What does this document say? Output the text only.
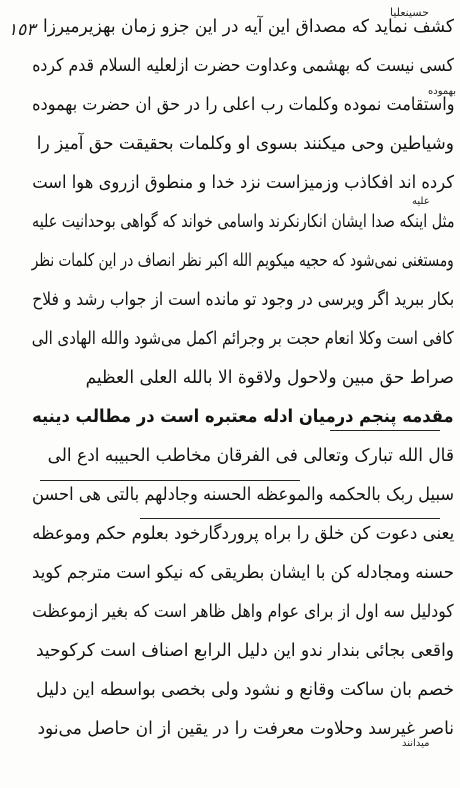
١٥٣
حسینعلیا
بهموده
علیه
میدانند
کشف نماید که مصداق این آیه در این جزو زمان بهزیرمیرزا
کسی نیست که بهشمی وعداوت حضرت ازلعلیه السلام قدم کرده
واستقامت نموده وکلمات رب اعلی را در حق ان حضرت بهموده
وشیاطین وحی میکنند بسوی او وکلمات بحقیقت حق آمیز را
کرده اند افکاذب وزمیزاست نزد خدا و منطوق ازروی هوا است
مثل اینکه صدا ایشان انکارنکرند واسامی خواند که گواهی بوحدانیت علیه
ومستغنی نمی‌شود که حجیه میکویم الله اکبر نظر انصاف در این کلمات نظر
بکار ببرید اگر ویرسی در وجود تو مانده است از جواب رشد و فلاح
کافی است وکلا انعام حجت بر وجرائم اکمل می‌شود والله الهادی الی
صراط حق مبین ولاحول ولاقوة الا بالله العلی العظیم
مقدمه پنجم درمیان ادله معتبره است در مطالب دینیه
قال الله تبارک وتعالی فی الفرقان مخاطب الحبیبه ادع الی
سبیل ربک بالحکمه والموعظه الحسنه وجادلهم بالتی هی احسن
یعنی دعوت کن خلق را براه پروردگارخود بعلوم حکم وموعظه
حسنه ومجادله کن با ایشان بطریقی که نیکو است مترجم کوید
کودلیل سه اول از برای عوام واهل ظاهر است که بغیر ازموعظت
واقعی بجائی بندار ندو این دلیل الرابع اصناف است کرکوحید
خصم بان ساکت وقانع و نشود ولی بخصی بواسطه این دلیل
ناصر غیرسد وحلاوت معرفت را در یقین از ان حاصل می‌نود
